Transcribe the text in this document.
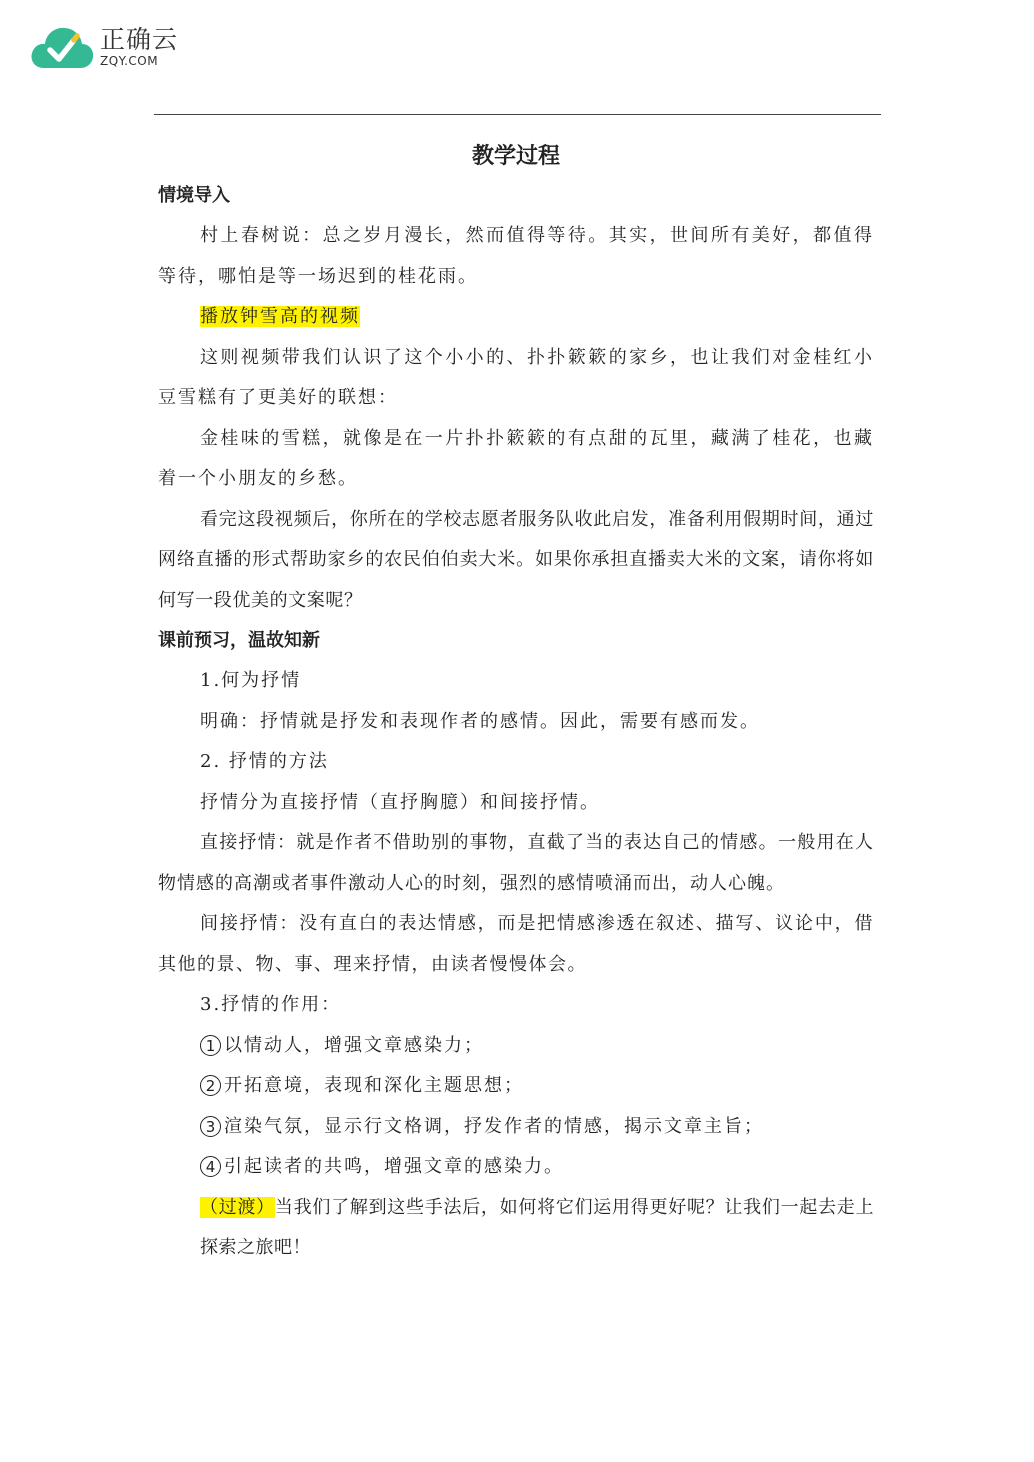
正确云
ZQY.COM
教学过程
情境导入

村上春树说：总之岁月漫长，然而值得等待。其实，世间所有美好，都值得等待，哪怕是等一场迟到的桂花雨。

播放钟雪高的视频

这则视频带我们认识了这个小小的、扑扑簌簌的家乡，也让我们对金桂红小豆雪糕有了更美好的联想：

金桂味的雪糕，就像是在一片扑扑簌簌的有点甜的瓦里，藏满了桂花，也藏着一个小朋友的乡愁。

看完这段视频后，你所在的学校志愿者服务队收此启发，准备利用假期时间，通过网络直播的形式帮助家乡的农民伯伯卖大米。如果你承担直播卖大米的文案，请你将如何写一段优美的文案呢？

课前预习，温故知新

1.何为抒情

明确：抒情就是抒发和表现作者的感情。因此，需要有感而发。

2. 抒情的方法

抒情分为直接抒情（直抒胸臆）和间接抒情。

直接抒情：就是作者不借助别的事物，直截了当的表达自己的情感。一般用在人物情感的高潮或者事件激动人心的时刻，强烈的感情喷涌而出，动人心魄。

间接抒情：没有直白的表达情感，而是把情感渗透在叙述、描写、议论中，借其他的景、物、事、理来抒情，由读者慢慢体会。

3.抒情的作用：

1 以情动人，增强文章感染力；

2 开拓意境，表现和深化主题思想；

3 渲染气氛，显示行文格调，抒发作者的情感，揭示文章主旨；

4 引起读者的共鸣，增强文章的感染力。

（过渡）当我们了解到这些手法后，如何将它们运用得更好呢？让我们一起去走上探索之旅吧！
